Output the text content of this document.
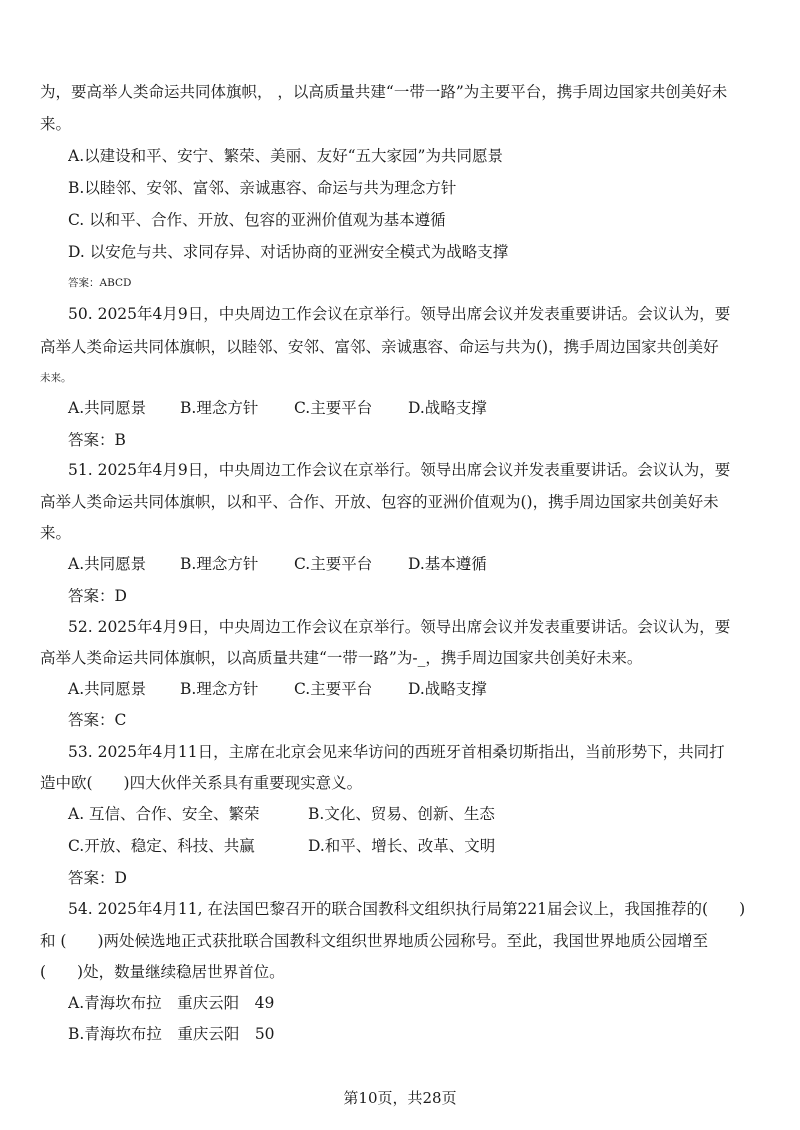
为，要高举人类命运共同体旗帜， ，以高质量共建“一带一路”为主要平台，携手周边国家共创美好未
来。
A.以建设和平、安宁、繁荣、美丽、友好“五大家园”为共同愿景
B.以睦邻、安邻、富邻、亲诚惠容、命运与共为理念方针
C. 以和平、合作、开放、包容的亚洲价值观为基本遵循
D. 以安危与共、求同存异、对话协商的亚洲安全模式为战略支撑
答案：ABCD
50. 2025年4月9日，中央周边工作会议在京举行。领导出席会议并发表重要讲话。会议认为，要
高举人类命运共同体旗帜，以睦邻、安邻、富邻、亲诚惠容、命运与共为()，携手周边国家共创美好
未来。
A.共同愿景 B.理念方针 C.主要平台 D.战略支撑
答案：B
51. 2025年4月9日，中央周边工作会议在京举行。领导出席会议并发表重要讲话。会议认为，要
高举人类命运共同体旗帜，以和平、合作、开放、包容的亚洲价值观为()，携手周边国家共创美好未
来。
A.共同愿景 B.理念方针 C.主要平台 D.基本遵循
答案：D
52. 2025年4月9日，中央周边工作会议在京举行。领导出席会议并发表重要讲话。会议认为，要
高举人类命运共同体旗帜，以高质量共建“一带一路”为-_，携手周边国家共创美好未来。
A.共同愿景 B.理念方针 C.主要平台 D.战略支撑
答案：C
53. 2025年4月11日，主席在北京会见来华访问的西班牙首相桑切斯指出，当前形势下，共同打
造中欧(　　)四大伙伴关系具有重要现实意义。
A. 互信、合作、安全、繁荣	B.文化、贸易、创新、生态
C.开放、稳定、科技、共赢	D.和平、增长、改革、文明
答案：D
54. 2025年4月11, 在法国巴黎召开的联合国教科文组织执行局第221届会议上，我国推荐的(　　)
和 (　　)两处候选地正式获批联合国教科文组织世界地质公园称号。至此，我国世界地质公园增至
(　　)处，数量继续稳居世界首位。
A.青海坎布拉　重庆云阳　49
B.青海坎布拉　重庆云阳　50
第10页，共28页
